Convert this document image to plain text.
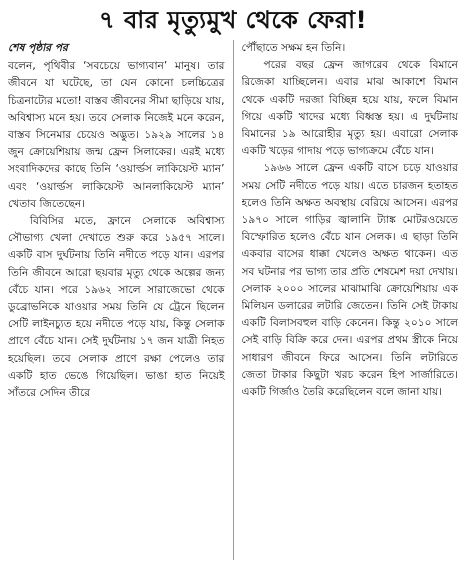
৭ বার মৃত্যুমুখ থেকে ফেরা!
শেষ পৃষ্ঠার পর

বলেন, পৃথিবীর ‘সবচেয়ে ভাগ্যবান’ মানুষ। তার জীবনে যা ঘটেছে, তা যেন কোনো চলচ্চিত্রের চিত্রনাট্যের মতো! বাস্তব জীবনের সীমা ছাড়িয়ে যায়, অবিশ্বাস্য মনে হয়। তবে সেলাক নিজেই মনে করেন, বাস্তব সিনেমার চেয়েও অদ্ভুত। ১৯২৯ সালের ১৪ জুন ক্রোয়েশিয়ায় জন্ম ফ্রেন সিলাকের। এরই মধ্যে সংবাদিকদের কাছে তিনি ‘ওয়ার্ল্ডস লাকিয়েস্ট ম্যান’ এবং ‘ওয়ার্ল্ডস লাকিয়েস্ট আনলাকিয়েস্ট ম্যান’ খেতাব জিতেছেন।

বিবিসির মতে, ফ্রানে সেলাকে অবিশ্বাস্য সৌভাগ্য খেলা দেখাতে শুরু করে ১৯৫৭ সালে। একটি বাস দুর্ঘটনায় তিনি নদীতে পড়ে যান। এরপর তিনি জীবনে আরো ছয়বার মৃত্যু থেকে অল্পের জন্য বেঁচে যান। পরে ১৯৬২ সালে সারাজেভো থেকে ডুব্রোভনিকে যাওয়ার সময় তিনি যে ট্রেনে ছিলেন সেটি লাইনচ্যুত হয়ে নদীতে পড়ে যায়, কিন্তু সেলাক প্রাণে বেঁচে যান। সেই দুর্ঘটনায় ১৭ জন যাত্রী নিহত হয়েছিল। তবে সেলাক প্রাণে রক্ষা পেলেও তার একটি হাত ভেঙে গিয়েছিল। ভাঙা হাত নিয়েই সাঁতরে সেদিন তীরে

পৌঁছাতে সক্ষম হন তিনি।

পরের বছর ফ্রেন জাগরেব থেকে বিমানে রিজেকা যাচ্ছিলেন। এবার মাঝ আকাশে বিমান থেকে একটি দরজা বিচ্ছিন্ন হয়ে যায়, ফলে বিমান গিয়ে একটি খাদের মধ্যে বিধ্বস্ত হয়। এ দুর্ঘটনায় বিমানের ১৯ আরোহীর মৃত্যু হয়। এবারো সেলাক একটি খড়ের গাদায় পড়ে ভাগ্যক্রমে বেঁচে যান।

১৯৬৬ সালে ফ্রেন একটি বাসে চড়ে যাওয়ার সময় সেটি নদীতে পড়ে যায়। এতে চারজন হতাহত হলেও তিনি অক্ষত অবস্থায় বেরিয়ে আসেন। এরপর ১৯৭০ সালে গাড়ির জ্বালানি ট্যাঙ্ক মোটরওয়েতে বিস্ফোরিত হলেও বেঁচে যান সেলক। এ ছাড়া তিনি একবার বাসের ধাক্কা খেলেও অক্ষত থাকেন। এত সব ঘটনার পর ভাগ্য তার প্রতি শেষমেশ দয়া দেখায়। সেলাক ২০০০ সালের মাঝামাঝি ক্রোয়েশিয়ায় এক মিলিয়ন ডলারের লটারি জেতেন। তিনি সেই টাকায় একটি বিলাসবহুল বাড়ি কেনেন। কিন্তু ২০১০ সালে সেই বাড়ি বিক্রি করে দেন। এরপর প্রথম স্ত্রীকে নিয়ে সাধারণ জীবনে ফিরে আসেন। তিনি লটারিতে জেতা টাকার কিছুটা খরচ করেন হিপ সার্জারিতে। একটি গির্জাও তৈরি করেছিলেন বলে জানা যায়।
